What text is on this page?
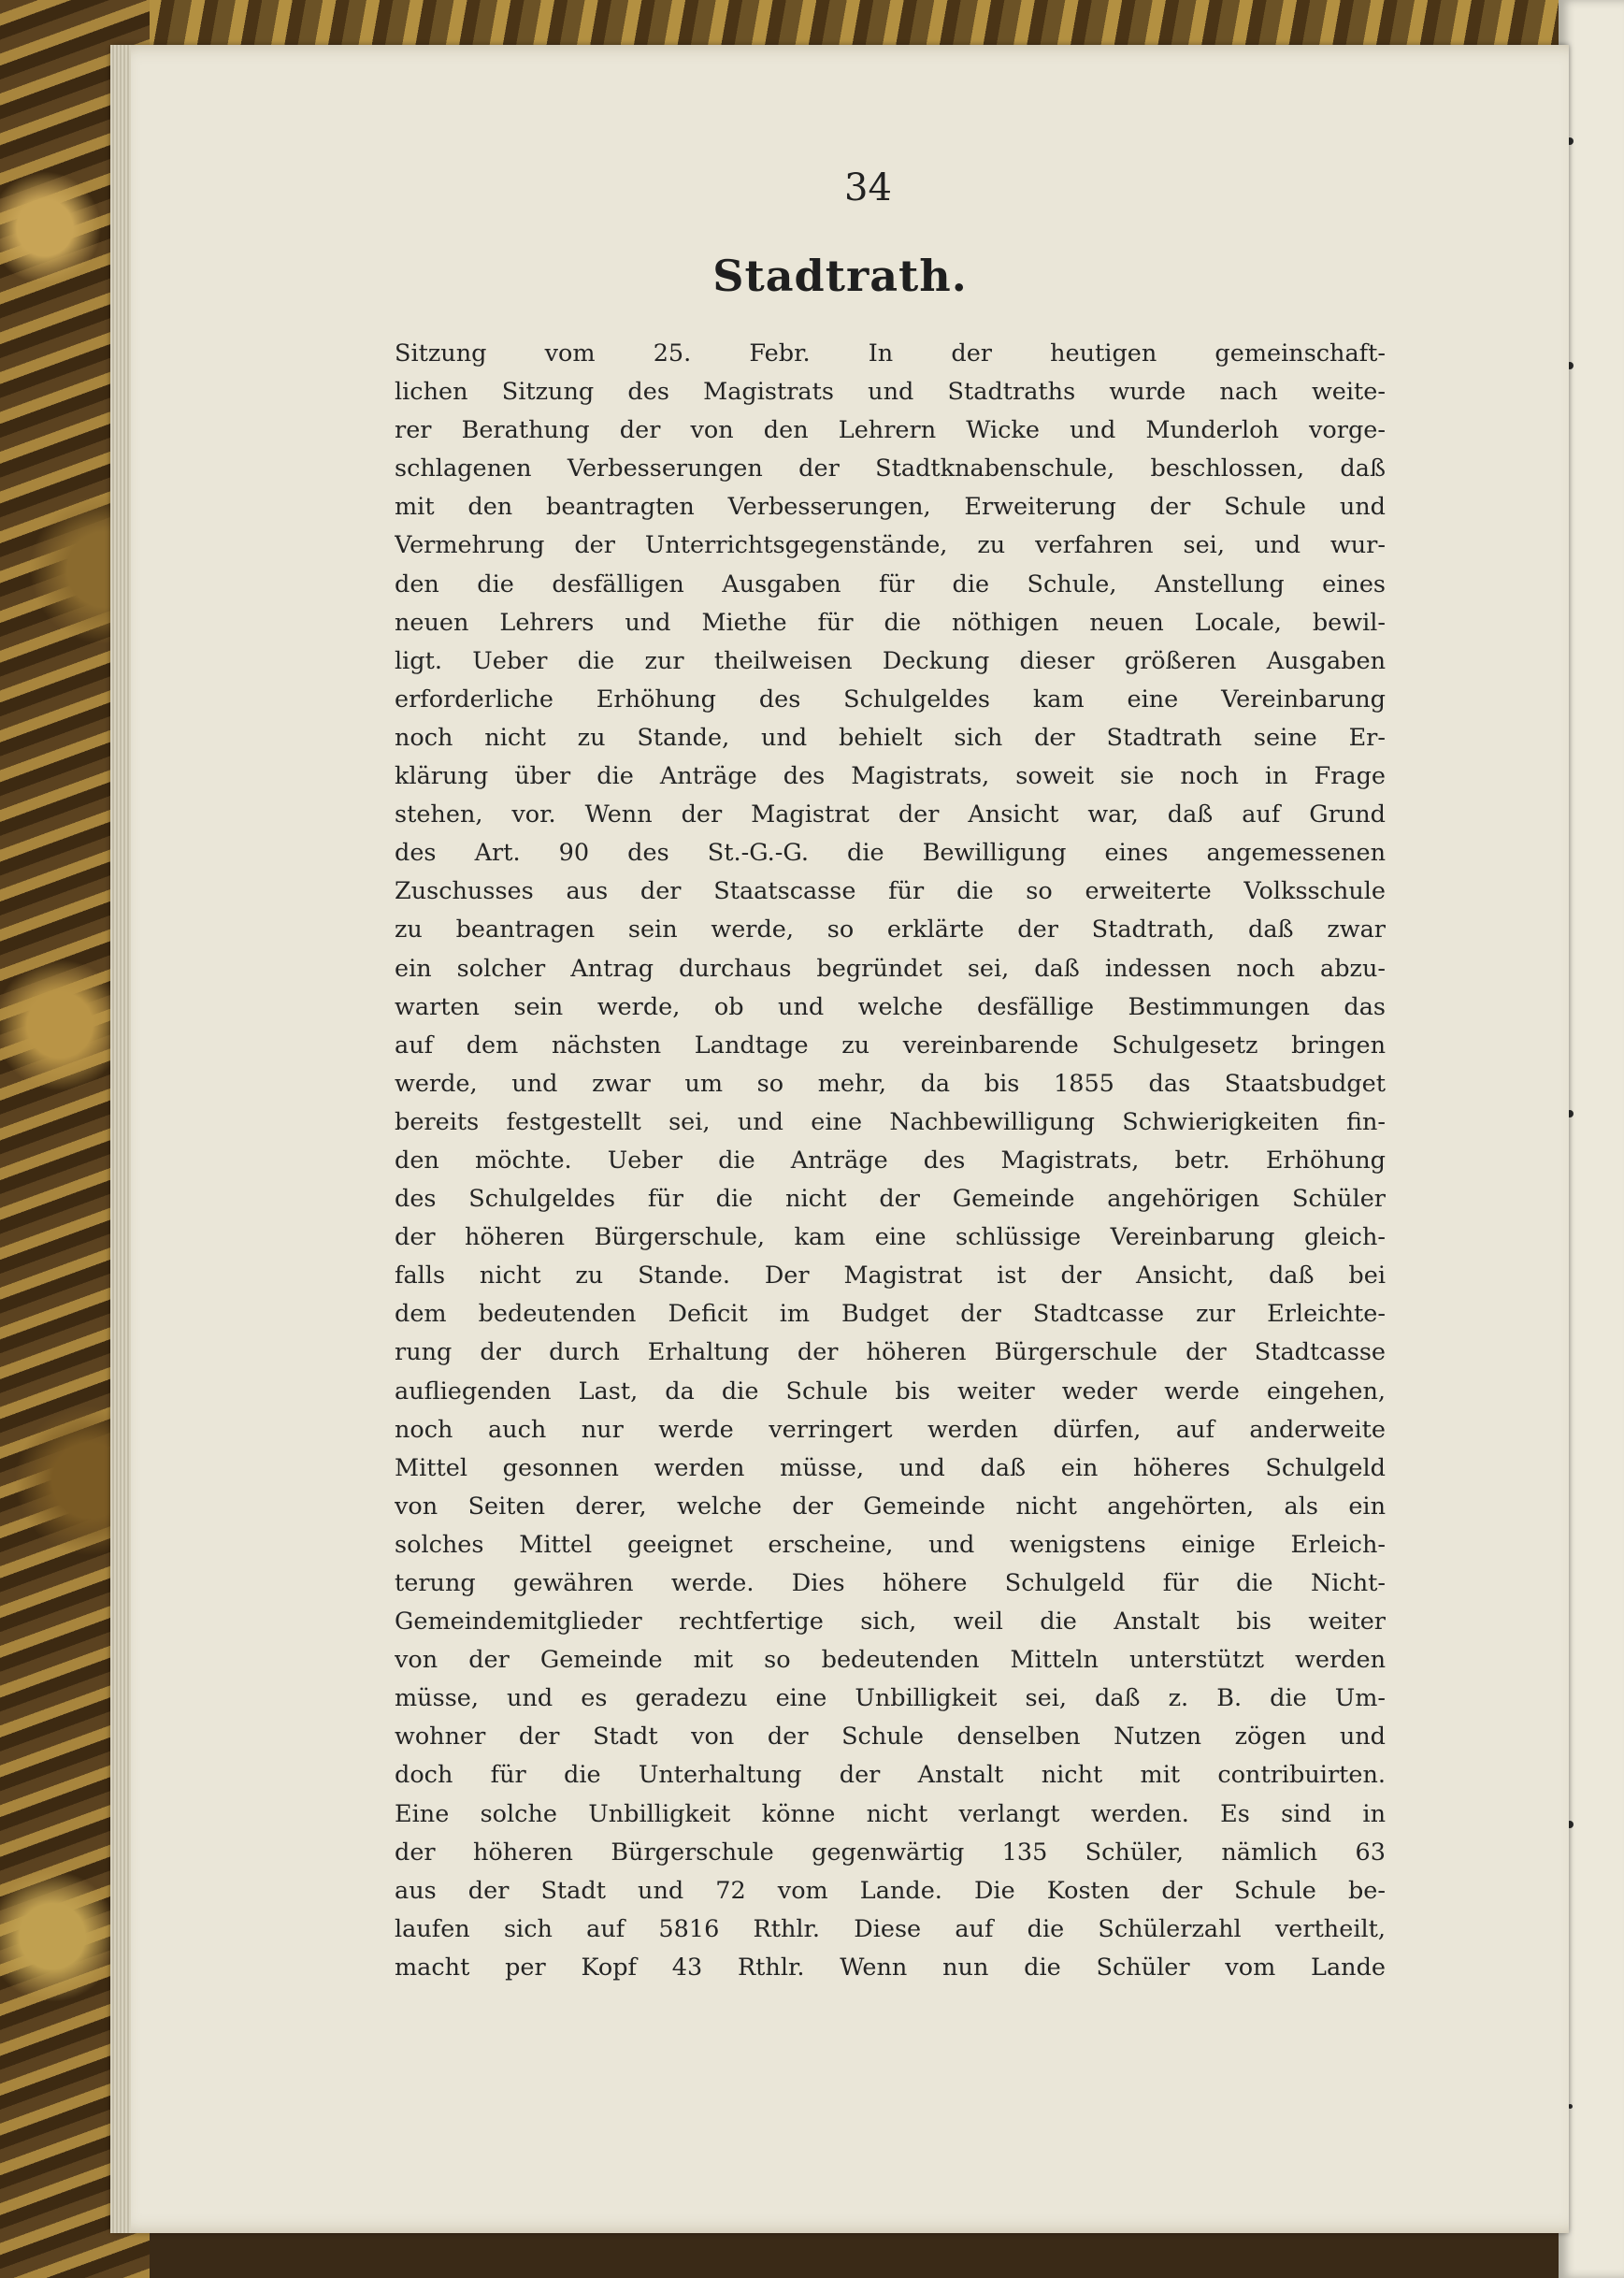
34
Stadtrath.
Sitzung vom 25. Febr. In der heutigen gemeinschaft-
lichen Sitzung des Magistrats und Stadtraths wurde nach weite-
rer Berathung der von den Lehrern Wicke und Munderloh vorge-
schlagenen Verbesserungen der Stadtknabenschule, beschlossen, daß
mit den beantragten Verbesserungen, Erweiterung der Schule und
Vermehrung der Unterrichtsgegenstände, zu verfahren sei, und wur-
den die desfälligen Ausgaben für die Schule, Anstellung eines
neuen Lehrers und Miethe für die nöthigen neuen Locale, bewil-
ligt. Ueber die zur theilweisen Deckung dieser größeren Ausgaben
erforderliche Erhöhung des Schulgeldes kam eine Vereinbarung
noch nicht zu Stande, und behielt sich der Stadtrath seine Er-
klärung über die Anträge des Magistrats, soweit sie noch in Frage
stehen, vor. Wenn der Magistrat der Ansicht war, daß auf Grund
des Art. 90 des St.-G.-G. die Bewilligung eines angemessenen
Zuschusses aus der Staatscasse für die so erweiterte Volksschule
zu beantragen sein werde, so erklärte der Stadtrath, daß zwar
ein solcher Antrag durchaus begründet sei, daß indessen noch abzu-
warten sein werde, ob und welche desfällige Bestimmungen das
auf dem nächsten Landtage zu vereinbarende Schulgesetz bringen
werde, und zwar um so mehr, da bis 1855 das Staatsbudget
bereits festgestellt sei, und eine Nachbewilligung Schwierigkeiten fin-
den möchte. Ueber die Anträge des Magistrats, betr. Erhöhung
des Schulgeldes für die nicht der Gemeinde angehörigen Schüler
der höheren Bürgerschule, kam eine schlüssige Vereinbarung gleich-
falls nicht zu Stande. Der Magistrat ist der Ansicht, daß bei
dem bedeutenden Deficit im Budget der Stadtcasse zur Erleichte-
rung der durch Erhaltung der höheren Bürgerschule der Stadtcasse
aufliegenden Last, da die Schule bis weiter weder werde eingehen,
noch auch nur werde verringert werden dürfen, auf anderweite
Mittel gesonnen werden müsse, und daß ein höheres Schulgeld
von Seiten derer, welche der Gemeinde nicht angehörten, als ein
solches Mittel geeignet erscheine, und wenigstens einige Erleich-
terung gewähren werde. Dies höhere Schulgeld für die Nicht-
Gemeindemitglieder rechtfertige sich, weil die Anstalt bis weiter
von der Gemeinde mit so bedeutenden Mitteln unterstützt werden
müsse, und es geradezu eine Unbilligkeit sei, daß z. B. die Um-
wohner der Stadt von der Schule denselben Nutzen zögen und
doch für die Unterhaltung der Anstalt nicht mit contribuirten.
Eine solche Unbilligkeit könne nicht verlangt werden. Es sind in
der höheren Bürgerschule gegenwärtig 135 Schüler, nämlich 63
aus der Stadt und 72 vom Lande. Die Kosten der Schule be-
laufen sich auf 5816 Rthlr. Diese auf die Schülerzahl vertheilt,
macht per Kopf 43 Rthlr. Wenn nun die Schüler vom Lande
